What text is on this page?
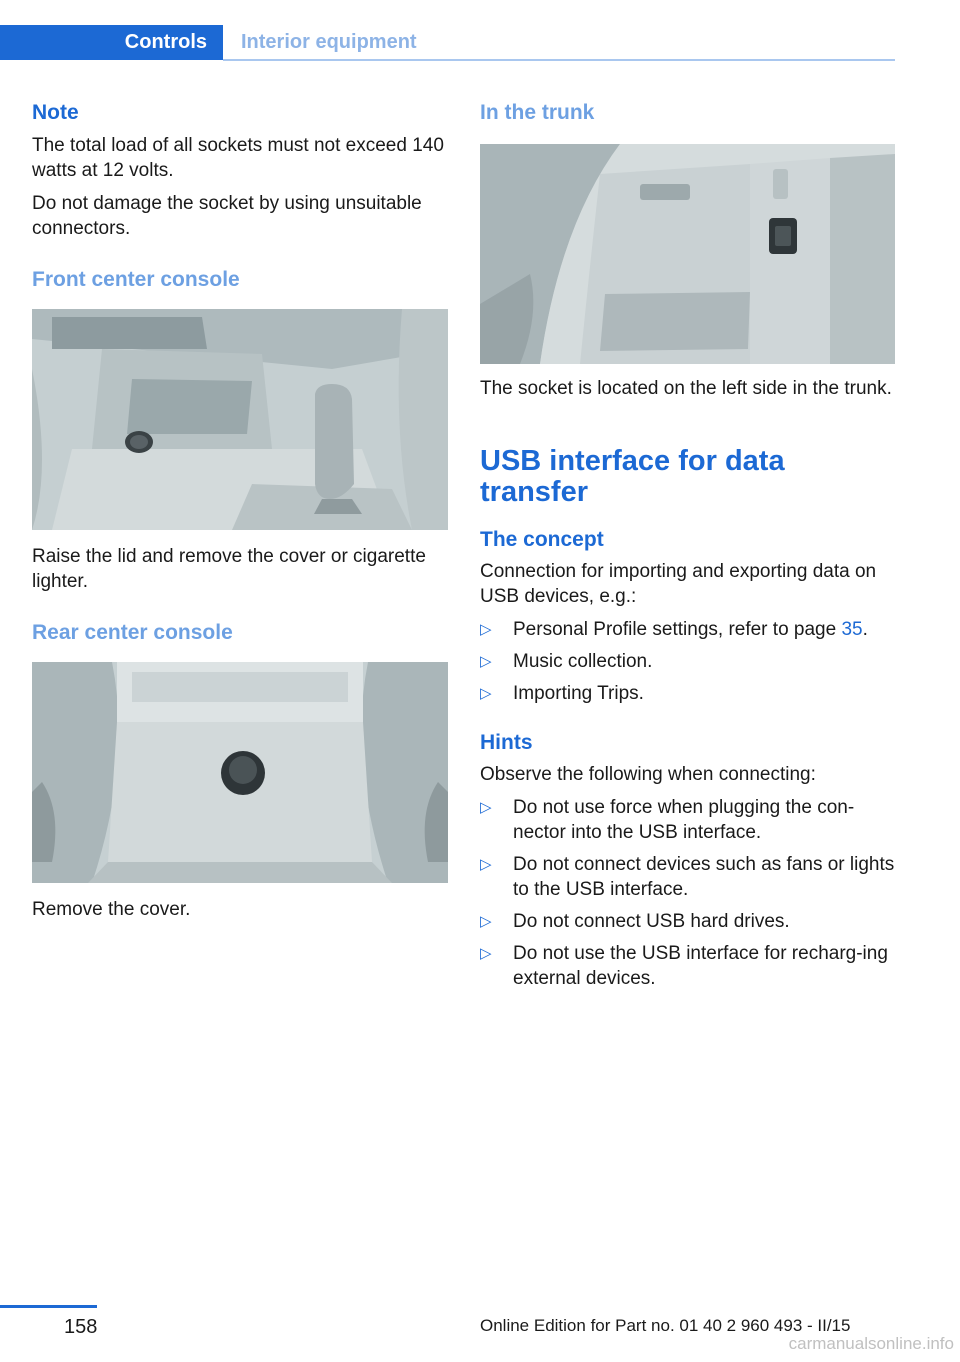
Controls	Interior equipment
Note

The total load of all sockets must not exceed 140 watts at 12 volts.

Do not damage the socket by using unsuitable connectors.

Front center console

Raise the lid and remove the cover or cigarette lighter.

Rear center console

Remove the cover.

In the trunk

The socket is located on the left side in the trunk.

USB interface for data transfer
The concept

Connection for importing and exporting data on USB devices, e.g.:

▷ Personal Profile settings, refer to page 35.
▷ Music collection.
▷ Importing Trips.
Hints

Observe the following when connecting:

▷ Do not use force when plugging the con‐nector into the USB interface.
▷ Do not connect devices such as fans or lights to the USB interface.
▷ Do not connect USB hard drives.
▷ Do not use the USB interface for recharg‐ing external devices.
158	Online Edition for Part no. 01 40 2 960 493 - II/15
carmanualsonline.info
